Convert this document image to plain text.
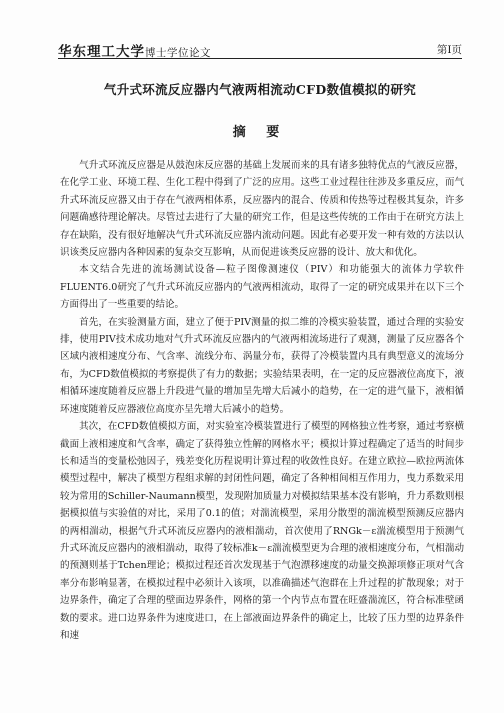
华东理工大学博士学位论文	第Ⅰ页
气升式环流反应器内气液两相流动CFD数值模拟的研究
摘 要

气升式环流反应器是从鼓泡床反应器的基础上发展而来的具有诸多独特优点的气液反应器，在化学工业、环境工程、生化工程中得到了广泛的应用。这些工业过程往往涉及多重反应，而气升式环流反应器又由于存在气液两相体系，反应器内的混合、传质和传热等过程极其复杂，许多问题确感待理论解决。尽管过去进行了大量的研究工作，但是这些传统的工作由于在研究方法上存在缺陷，没有很好地解决气升式环流反应器内流动问题。因此有必要开发一种有效的方法以认识该类反应器内各种因素的复杂交互影响，从而促进该类反应器的设计、放大和优化。

本文结合先进的流场测试设备—粒子图像测速仪（PIV）和功能强大的流体力学软件FLUENT6.0研究了气升式环流反应器内的气液两相流动，取得了一定的研究成果并在以下三个方面得出了一些重要的结论。

首先，在实验测量方面，建立了便于PIV测量的拟二维的冷模实验装置，通过合理的实验安排，使用PIV技术成功地对气升式环流反应器内的气液两相流场进行了观测，测量了反应器各个区域内液相速度分布、气含率、流线分布、涡量分布，获得了冷模装置内具有典型意义的流场分布，为CFD数值模拟的考察提供了有力的数据；实验结果表明，在一定的反应器液位高度下，液相循环速度随着反应器上升段进气量的增加呈先增大后减小的趋势，在一定的进气量下，液相循环速度随着反应器液位高度亦呈先增大后减小的趋势。

其次，在CFD数值模拟方面，对实验室冷模装置进行了模型的网格独立性考察，通过考察横截面上液相速度和气含率，确定了获得独立性解的网格水平；模拟计算过程确定了适当的时间步长和适当的变量松弛因子，残差变化历程说明计算过程的收敛性良好。在建立欧拉—欧拉两流体模型过程中，解决了模型方程组求解的封闭性问题，确定了各种相间相互作用力，曳力系数采用较为常用的Schiller-Naumann模型，发现附加质量力对模拟结果基本没有影响，升力系数则根据模拟值与实验值的对比，采用了0.1的值；对湍流模型，采用分散型的湍流模型预测反应器内的两相湍动，根据气升式环流反应器内的液相湍动，首次使用了RNGk－ε湍流模型用于预测气升式环流反应器内的液相湍动，取得了较标准k－ε湍流模型更为合理的液相速度分布，气相湍动的预测则基于Tchen理论；模拟过程还首次发现基于气泡漂移速度的动量交换源项修正项对气含率分布影响显著，在模拟过程中必须计入该项，以准确描述气泡群在上升过程的扩散现象；对于边界条件，确定了合理的壁面边界条件，网格的第一个内节点布置在旺盛湍流区，符合标准壁函数的要求。进口边界条件为速度进口，在上部液面边界条件的确定上，比较了压力型的边界条件和速
